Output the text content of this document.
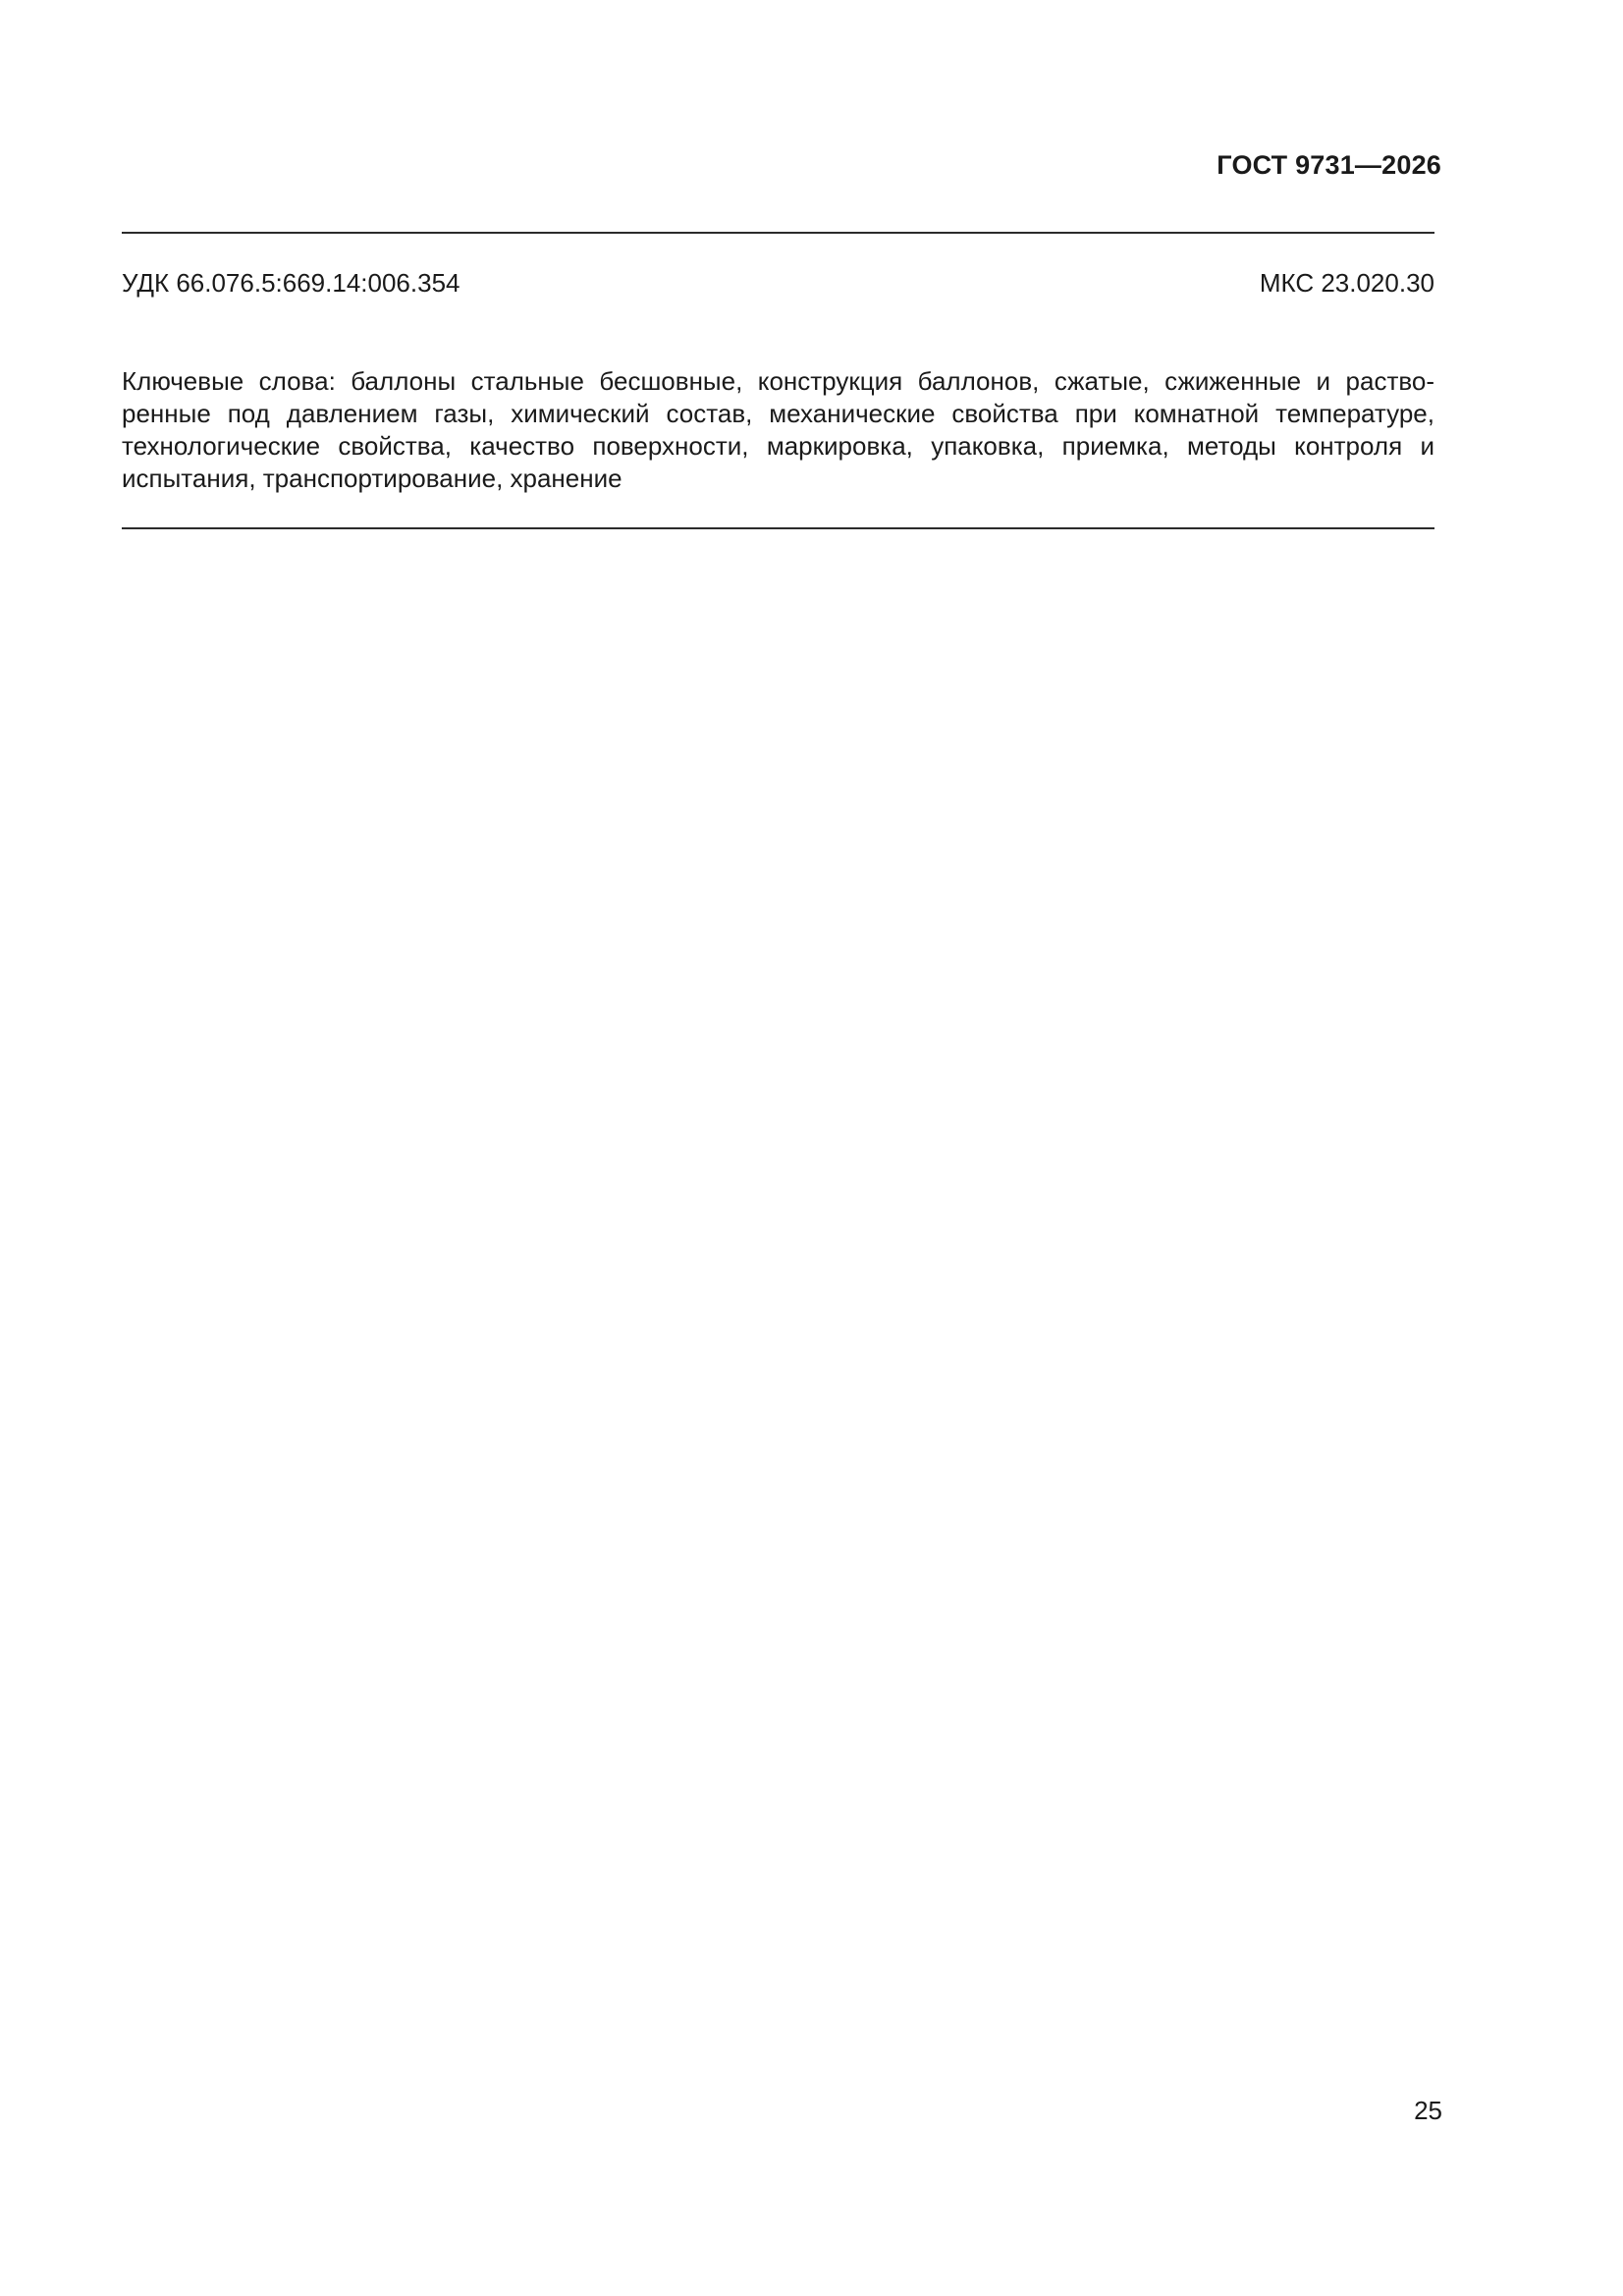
ГОСТ 9731—2026
УДК 66.076.5:669.14:006.354	МКС 23.020.30
Ключевые слова: баллоны стальные бесшовные, конструкция баллонов, сжатые, сжиженные и раство-
ренные под давлением газы, химический состав, механические свойства при комнатной температуре,
технологические свойства, качество поверхности, маркировка, упаковка, приемка, методы контроля и
испытания, транспортирование, хранение
25
